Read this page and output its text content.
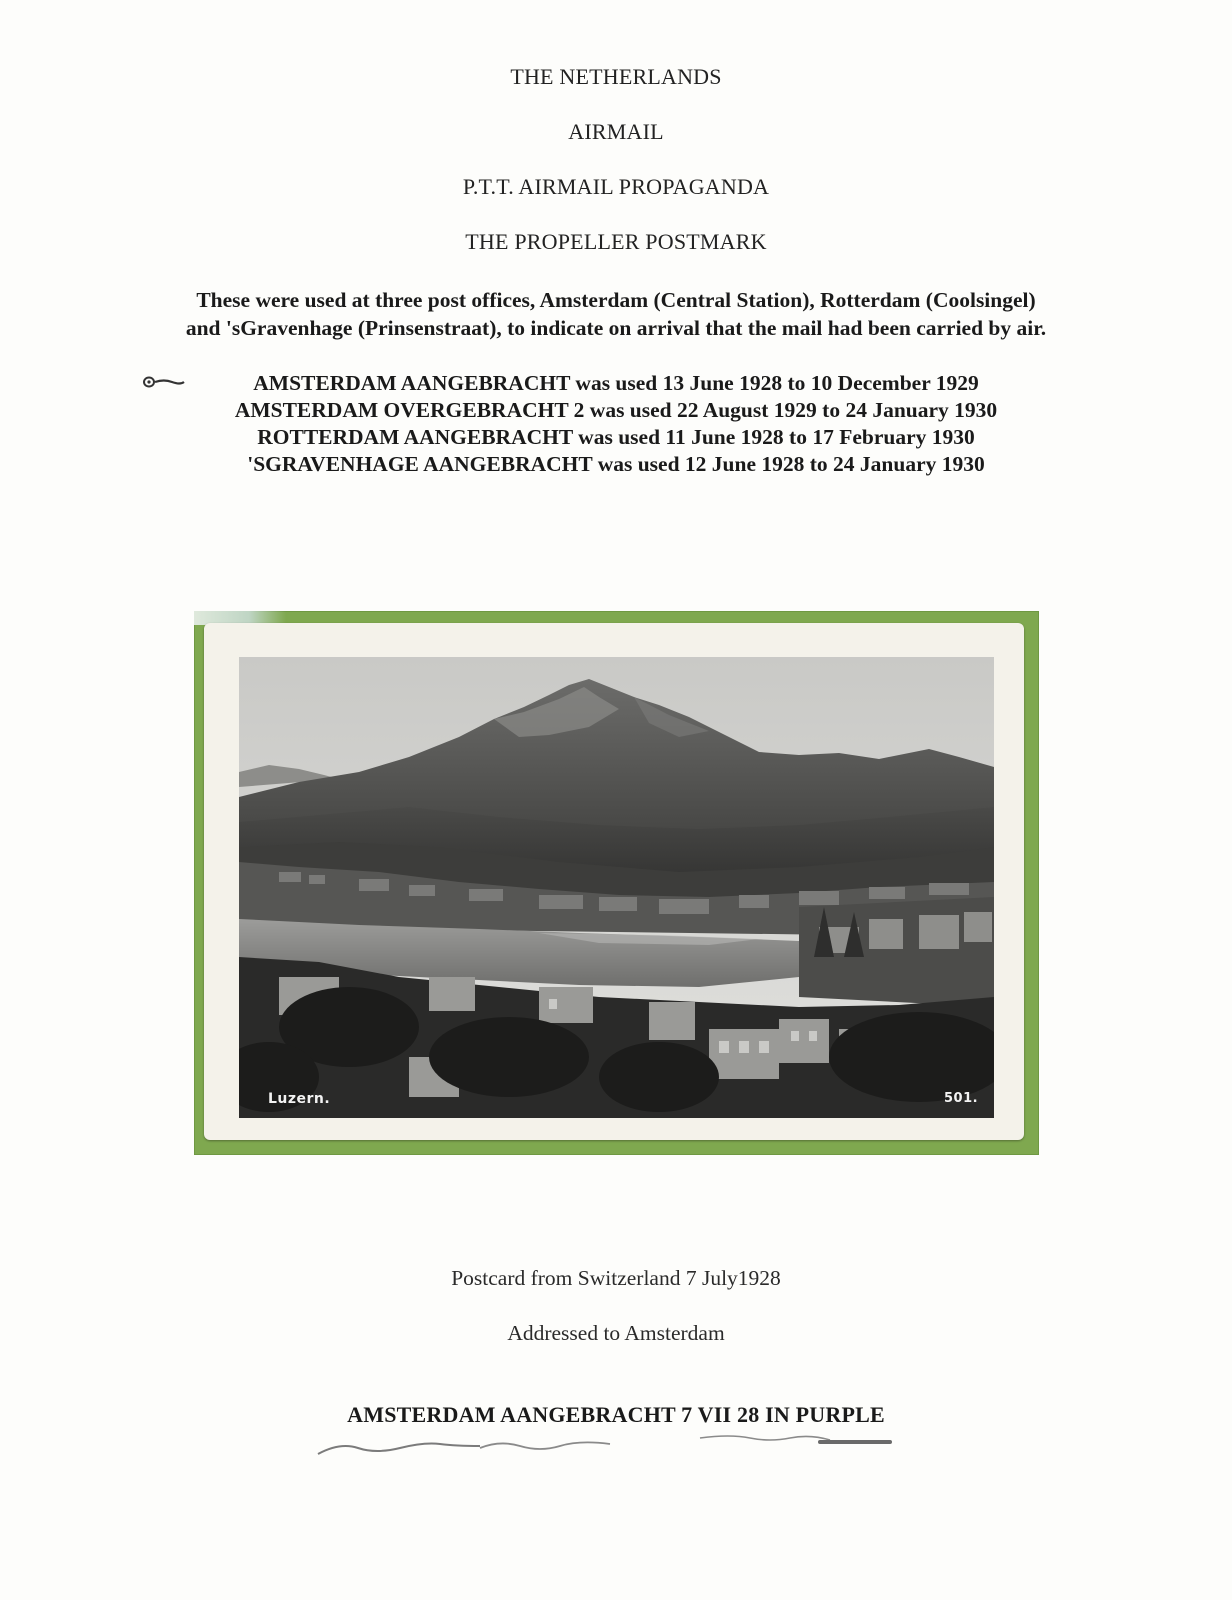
THE NETHERLANDS
AIRMAIL
P.T.T. AIRMAIL PROPAGANDA
THE PROPELLER POSTMARK
These were used at three post offices, Amsterdam (Central Station), Rotterdam (Coolsingel)
and 'sGravenhage (Prinsenstraat), to indicate on arrival that the mail had been carried by air.
AMSTERDAM AANGEBRACHT was used 13 June 1928 to 10 December 1929
AMSTERDAM OVERGEBRACHT 2 was used 22 August 1929 to 24 January 1930
ROTTERDAM AANGEBRACHT was used 11 June 1928 to 17 February 1930
'SGRAVENHAGE AANGEBRACHT was used 12 June 1928 to 24 January 1930
Luzern.	501.
Postcard from Switzerland 7 July1928
Addressed to Amsterdam
AMSTERDAM AANGEBRACHT 7 VII 28 IN PURPLE
